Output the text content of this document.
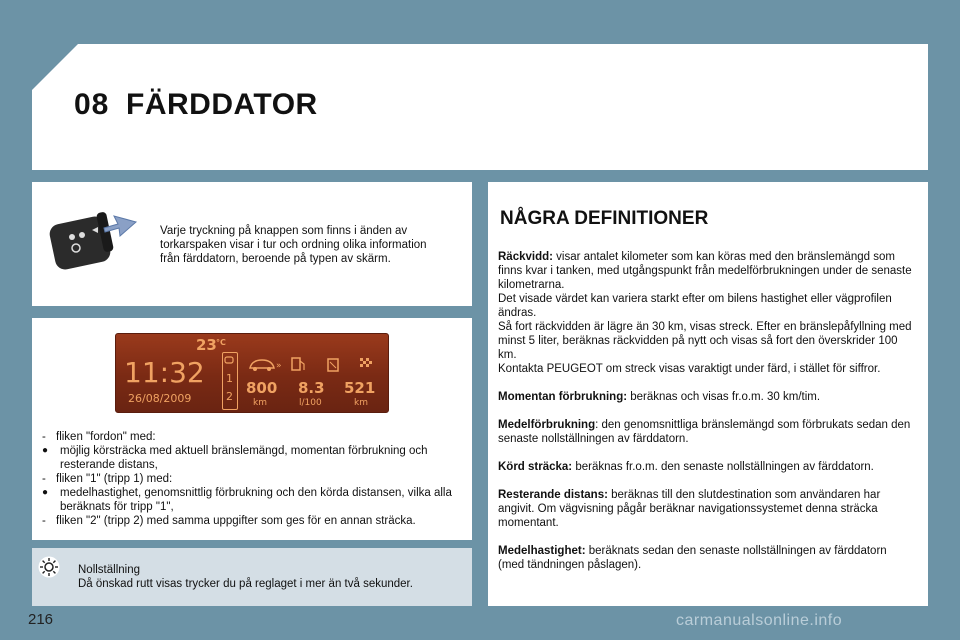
08 FÄRDDATOR
Varje tryckning på knappen som finns i änden av
torkarspaken visar i tur och ordning olika information
från färddatorn, beroende på typen av skärm.
23 °C
11:32
26/08/2009
1
2
»
800
km
8.3
l/100
521
km
- fliken "fordon" med:
● möjlig körsträcka med aktuell bränslemängd, momentan förbrukning och resterande distans,
- fliken "1" (tripp 1) med:
● medelhastighet, genomsnittlig förbrukning och den körda distansen, vilka alla beräknats för tripp "1",
- fliken "2" (tripp 2) med samma uppgifter som ges för en annan sträcka.
Nollställning
Då önskad rutt visas trycker du på reglaget i mer än två sekunder.
NÅGRA DEFINITIONER

Räckvidd: visar antalet kilometer som kan köras med den bränslemängd som finns kvar i tanken, med utgångspunkt från medelförbrukningen under de senaste kilometrarna.

Det visade värdet kan variera starkt efter om bilens hastighet eller vägprofilen ändras.

Så fort räckvidden är lägre än 30 km, visas streck. Efter en bränslepåfyllning med minst 5 liter, beräknas räckvidden på nytt och visas så fort den överskrider 100 km.

Kontakta PEUGEOT om streck visas varaktigt under färd, i stället för siffror.

Momentan förbrukning: beräknas och visas fr.o.m. 30 km/tim.

Medelförbrukning: den genomsnittliga bränslemängd som förbrukats sedan den senaste nollställningen av färddatorn.

Körd sträcka: beräknas fr.o.m. den senaste nollställningen av färddatorn.

Resterande distans: beräknas till den slutdestination som användaren har angivit. Om vägvisning pågår beräknar navigationssystemet denna sträcka momentant.

Medelhastighet: beräknats sedan den senaste nollställningen av färddatorn (med tändningen påslagen).

216	carmanualsonline.info
